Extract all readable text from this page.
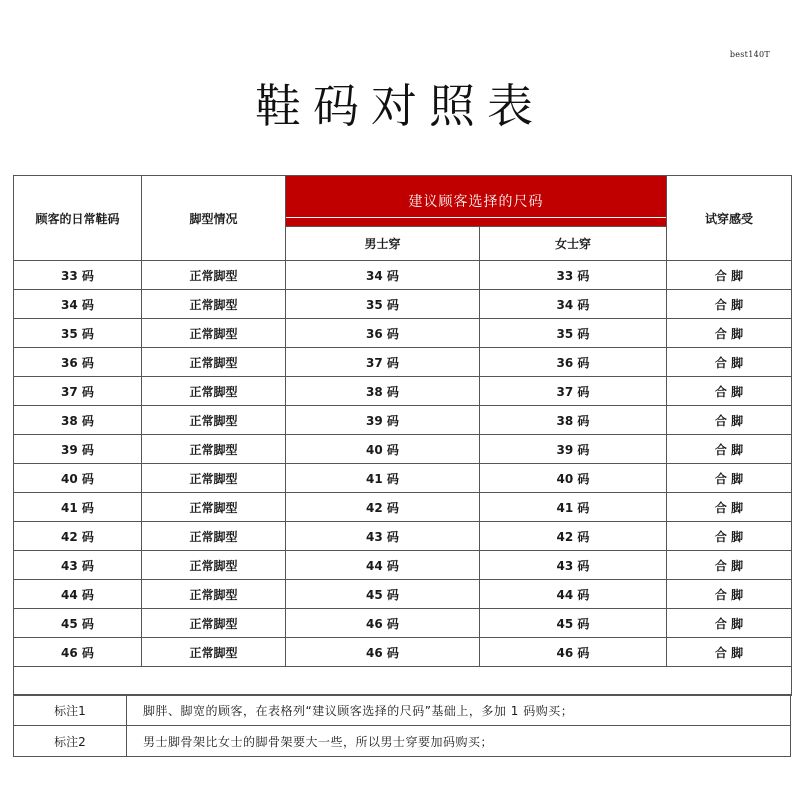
best140T
鞋码对照表
顾客的日常鞋码	脚型情况	建议顾客选择的尺码		试穿感受
		男士穿	女士穿	
33 码	正常脚型	34 码	33 码	合 脚
34 码	正常脚型	35 码	34 码	合 脚
35 码	正常脚型	36 码	35 码	合 脚
36 码	正常脚型	37 码	36 码	合 脚
37 码	正常脚型	38 码	37 码	合 脚
38 码	正常脚型	39 码	38 码	合 脚
39 码	正常脚型	40 码	39 码	合 脚
40 码	正常脚型	41 码	40 码	合 脚
41 码	正常脚型	42 码	41 码	合 脚
42 码	正常脚型	43 码	42 码	合 脚
43 码	正常脚型	44 码	43 码	合 脚
44 码	正常脚型	45 码	44 码	合 脚
45 码	正常脚型	46 码	45 码	合 脚
46 码	正常脚型	46 码	46 码	合 脚

标注1	脚胖、脚宽的顾客，在表格列“建议顾客选择的尺码”基础上，多加 1 码购买；
标注2	男士脚骨架比女士的脚骨架要大一些，所以男士穿要加码购买；
